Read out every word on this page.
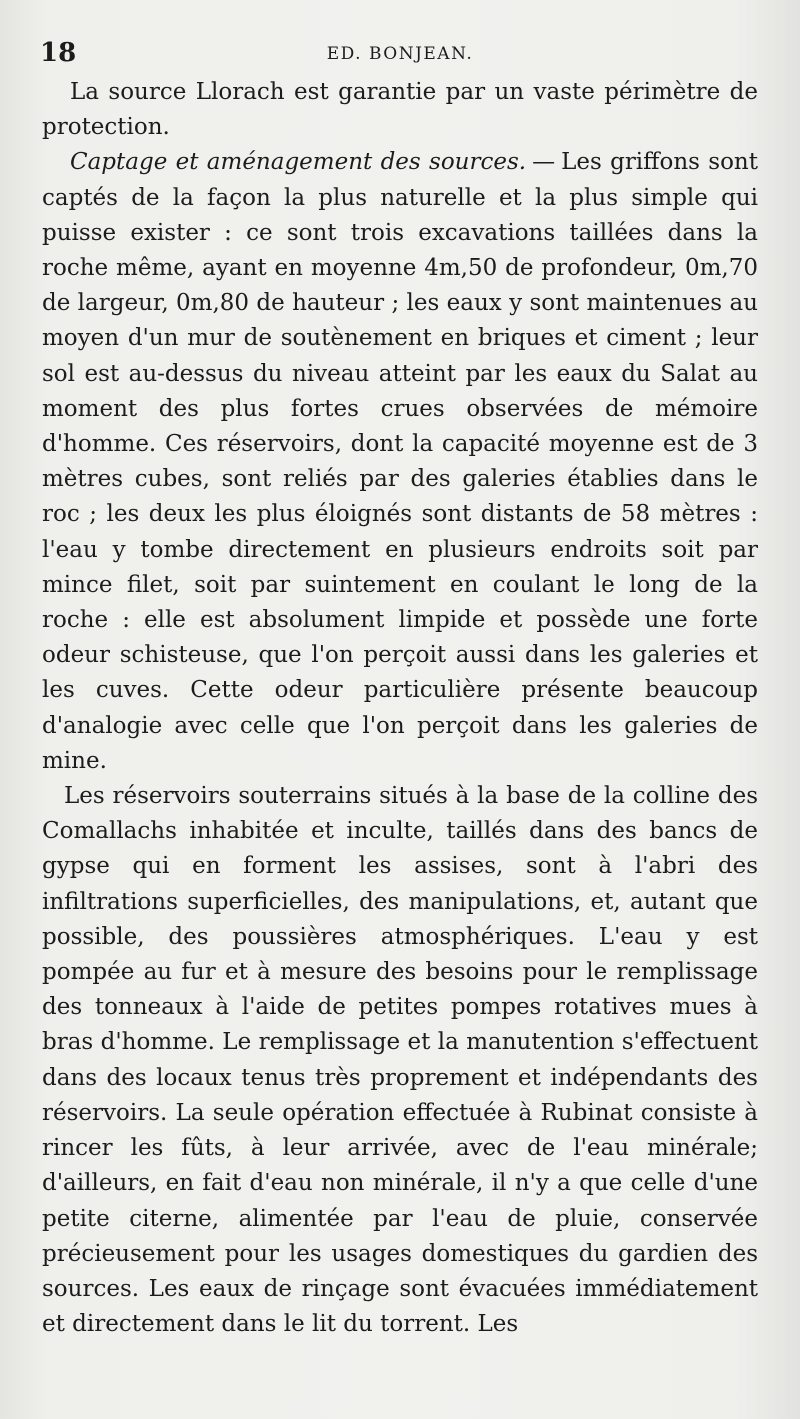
18	ED. BONJEAN.

La source Llorach est garantie par un vaste périmètre de protection.

Captage et aménagement des sources. — Les griffons sont captés de la façon la plus naturelle et la plus simple qui puisse exister : ce sont trois excavations taillées dans la roche même, ayant en moyenne 4m,50 de profondeur, 0m,70 de largeur, 0m,80 de hauteur ; les eaux y sont maintenues au moyen d'un mur de soutènement en briques et ciment ; leur sol est au-dessus du niveau atteint par les eaux du Salat au moment des plus fortes crues observées de mémoire d'homme. Ces réservoirs, dont la capacité moyenne est de 3 mètres cubes, sont reliés par des galeries établies dans le roc ; les deux les plus éloignés sont distants de 58 mètres : l'eau y tombe directement en plusieurs endroits soit par mince filet, soit par suintement en coulant le long de la roche : elle est absolument limpide et possède une forte odeur schisteuse, que l'on perçoit aussi dans les galeries et les cuves. Cette odeur particulière présente beaucoup d'analogie avec celle que l'on perçoit dans les galeries de mine.

Les réservoirs souterrains situés à la base de la colline des Comallachs inhabitée et inculte, taillés dans des bancs de gypse qui en forment les assises, sont à l'abri des infiltrations superficielles, des manipulations, et, autant que possible, des poussières atmosphériques. L'eau y est pompée au fur et à mesure des besoins pour le remplissage des tonneaux à l'aide de petites pompes rotatives mues à bras d'homme. Le remplissage et la manutention s'effectuent dans des locaux tenus très proprement et indépendants des réservoirs. La seule opération effectuée à Rubinat consiste à rincer les fûts, à leur arrivée, avec de l'eau minérale; d'ailleurs, en fait d'eau non minérale, il n'y a que celle d'une petite citerne, alimentée par l'eau de pluie, conservée précieusement pour les usages domestiques du gardien des sources. Les eaux de rinçage sont évacuées immédiatement et directement dans le lit du torrent. Les
